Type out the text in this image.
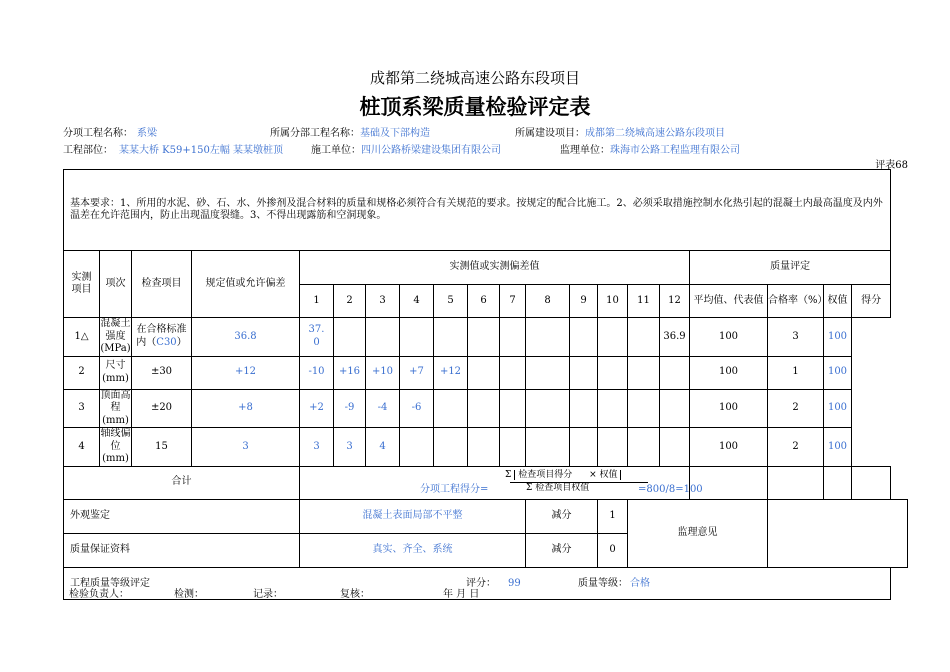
成都第二绕城高速公路东段项目
桩顶系梁质量检验评定表
分项工程名称： 系梁	所属分部工程名称：基础及下部构造	所属建设项目：成都第二绕城高速公路东段项目
工程部位： 某某大桥 K59+150左幅 某某墩桩顶	施工单位：四川公路桥梁建设集团有限公司	监理单位：珠海市公路工程监理有限公司
评表68
基本要求：1、所用的水泥、砂、石、水、外掺剂及混合材料的质量和规格必须符合有关规范的要求。按规定的配合比施工。2、必须采取措施控制水化热引起的混凝土内最高温度及内外温差在允许范围内，防止出现温度裂缝。3、不得出现露筋和空洞现象。																			
实测项目	项次	检查项目	规定值或允许偏差	实测值或实测偏差值												质量评定			
				1	2	3	4	5	6	7	8	9	10	11	12	平均值、代表值	合格率（%）	权值	得分
1△	混凝土强度(MPa)	在合格标准内（C30）	36.8	37.0											36.9	100	3	100	
2	尺寸(mm)	±30	+12	-10	+16	+10	+7	+12								100	1	100	
3	顶面高程(mm)	±20	+8	+2	-9	-4	-6									100	2	100	
4	轴线偏位(mm)	15	3	3	3	4										100	2	100	
合计				Σ 检查项目得分 × 权值
分项工程得分= Σ 检查项目权值 =800/8=100															

外观鉴定				混凝土表面局部不平整							减分		1	监理意见					
质量保证资料				真实、齐全、系统							减分		0						

工程质量等级评定 评分： 99 质量等级： 合格																			
检验负责人：	检测：	记录：	复核：	年 月 日
